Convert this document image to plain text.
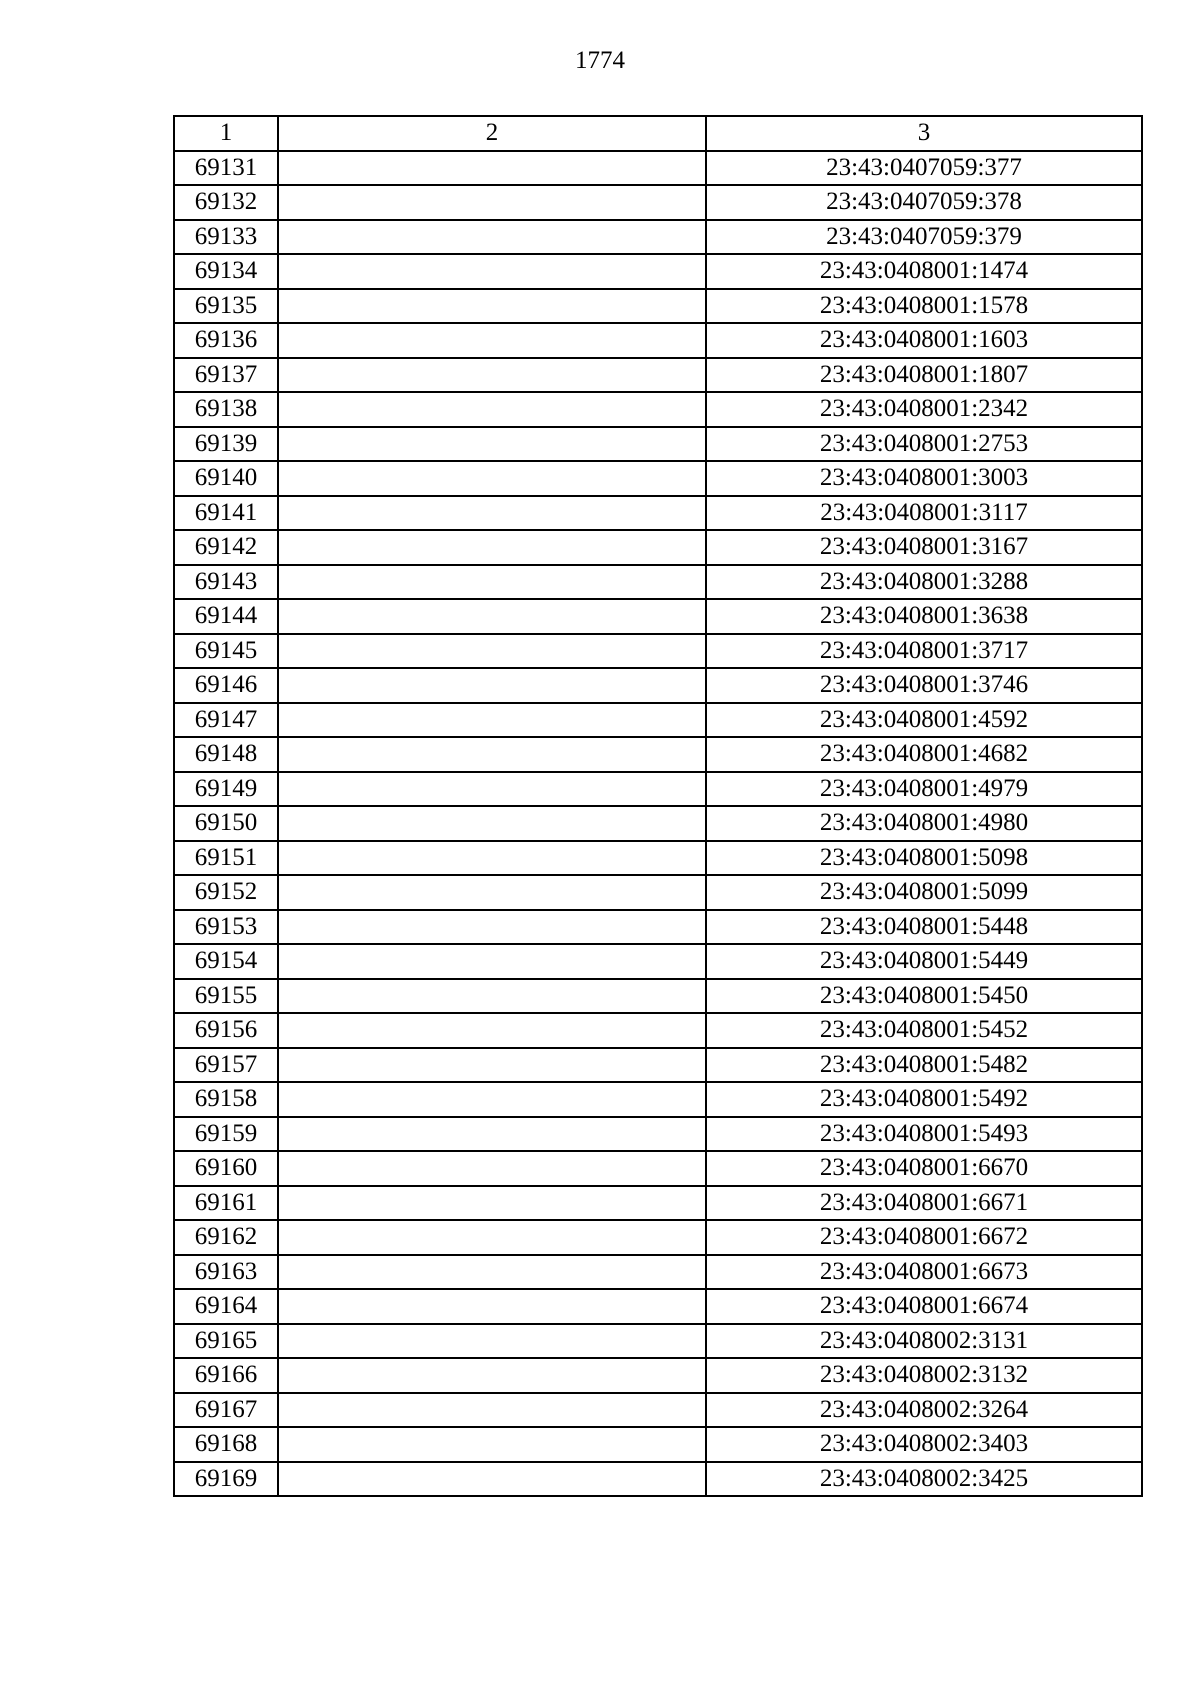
1774
1	2	3
69131		23:43:0407059:377
69132		23:43:0407059:378
69133		23:43:0407059:379
69134		23:43:0408001:1474
69135		23:43:0408001:1578
69136		23:43:0408001:1603
69137		23:43:0408001:1807
69138		23:43:0408001:2342
69139		23:43:0408001:2753
69140		23:43:0408001:3003
69141		23:43:0408001:3117
69142		23:43:0408001:3167
69143		23:43:0408001:3288
69144		23:43:0408001:3638
69145		23:43:0408001:3717
69146		23:43:0408001:3746
69147		23:43:0408001:4592
69148		23:43:0408001:4682
69149		23:43:0408001:4979
69150		23:43:0408001:4980
69151		23:43:0408001:5098
69152		23:43:0408001:5099
69153		23:43:0408001:5448
69154		23:43:0408001:5449
69155		23:43:0408001:5450
69156		23:43:0408001:5452
69157		23:43:0408001:5482
69158		23:43:0408001:5492
69159		23:43:0408001:5493
69160		23:43:0408001:6670
69161		23:43:0408001:6671
69162		23:43:0408001:6672
69163		23:43:0408001:6673
69164		23:43:0408001:6674
69165		23:43:0408002:3131
69166		23:43:0408002:3132
69167		23:43:0408002:3264
69168		23:43:0408002:3403
69169		23:43:0408002:3425
